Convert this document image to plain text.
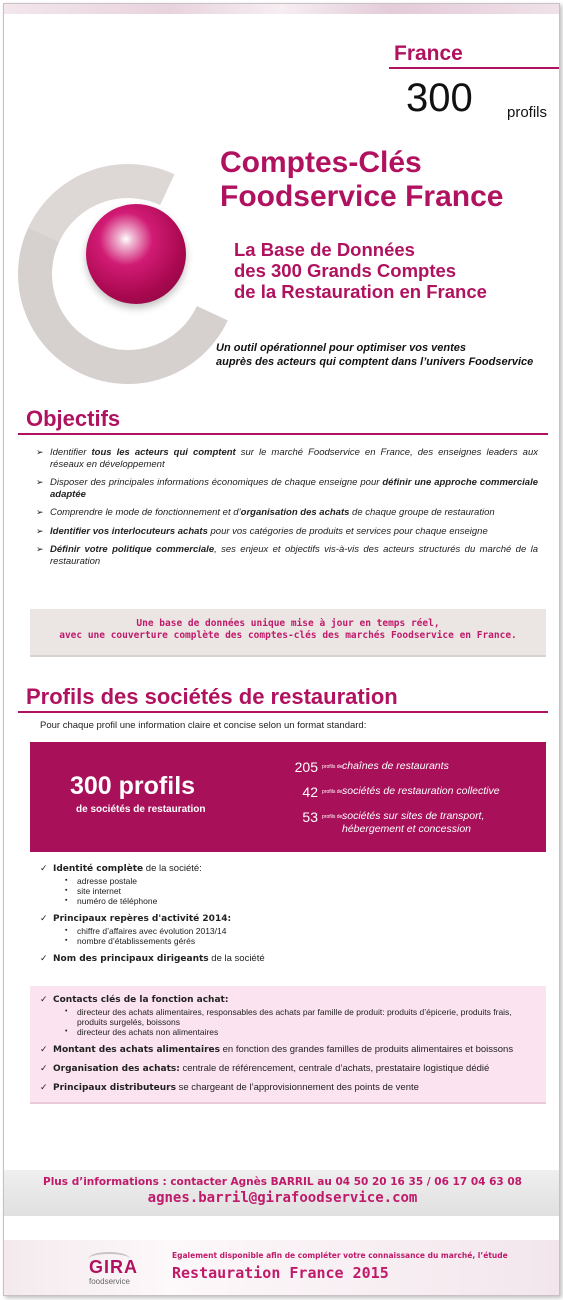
France
300 profils
Comptes-Clés
Foodservice France
La Base de Données
des 300 Grands Comptes
de la Restauration en France
Un outil opérationnel pour optimiser vos ventes
auprès des acteurs qui comptent dans l’univers Foodservice
Objectifs
➢ Identifier tous les acteurs qui comptent sur le marché Foodservice en France, des enseignes leaders aux réseaux en développement
➢ Disposer des principales informations économiques de chaque enseigne pour définir une approche commerciale adaptée
➢ Comprendre le mode de fonctionnement et d’organisation des achats de chaque groupe de restauration
➢ Identifier vos interlocuteurs achats pour vos catégories de produits et services pour chaque enseigne
➢ Définir votre politique commerciale, ses enjeux et objectifs vis-à-vis des acteurs structurés du marché de la restauration
Une base de données unique mise à jour en temps réel,
avec une couverture complète des comptes-clés des marchés Foodservice en France.
Profils des sociétés de restauration
Pour chaque profil une information claire et concise selon un format standard:
300 profils
de sociétés de restauration
205 profils de chaînes de restaurants
42 profils de sociétés de restauration collective
53 profils de sociétés sur sites de transport, hébergement et concession
✓ Identité complète de la société:
▪ adresse postale
▪ site internet
▪ numéro de téléphone
✓ Principaux repères d'activité 2014:
▪ chiffre d’affaires avec évolution 2013/14
▪ nombre d’établissements gérés
✓ Nom des principaux dirigeants de la société
✓ Contacts clés de la fonction achat:
• directeur des achats alimentaires, responsables des achats par famille de produit: produits d’épicerie, produits frais, produits surgelés, boissons
• directeur des achats non alimentaires
✓ Montant des achats alimentaires en fonction des grandes familles de produits alimentaires et boissons
✓ Organisation des achats: centrale de référencement, centrale d’achats, prestataire logistique dédié
✓ Principaux distributeurs se chargeant de l’approvisionnement des points de vente
Plus d’informations : contacter Agnès BARRIL au 04 50 20 16 35 / 06 17 04 63 08
agnes.barril@girafoodservice.com
GIRA
foodservice
Egalement disponible afin de compléter votre connaissance du marché, l’étude
Restauration France 2015
